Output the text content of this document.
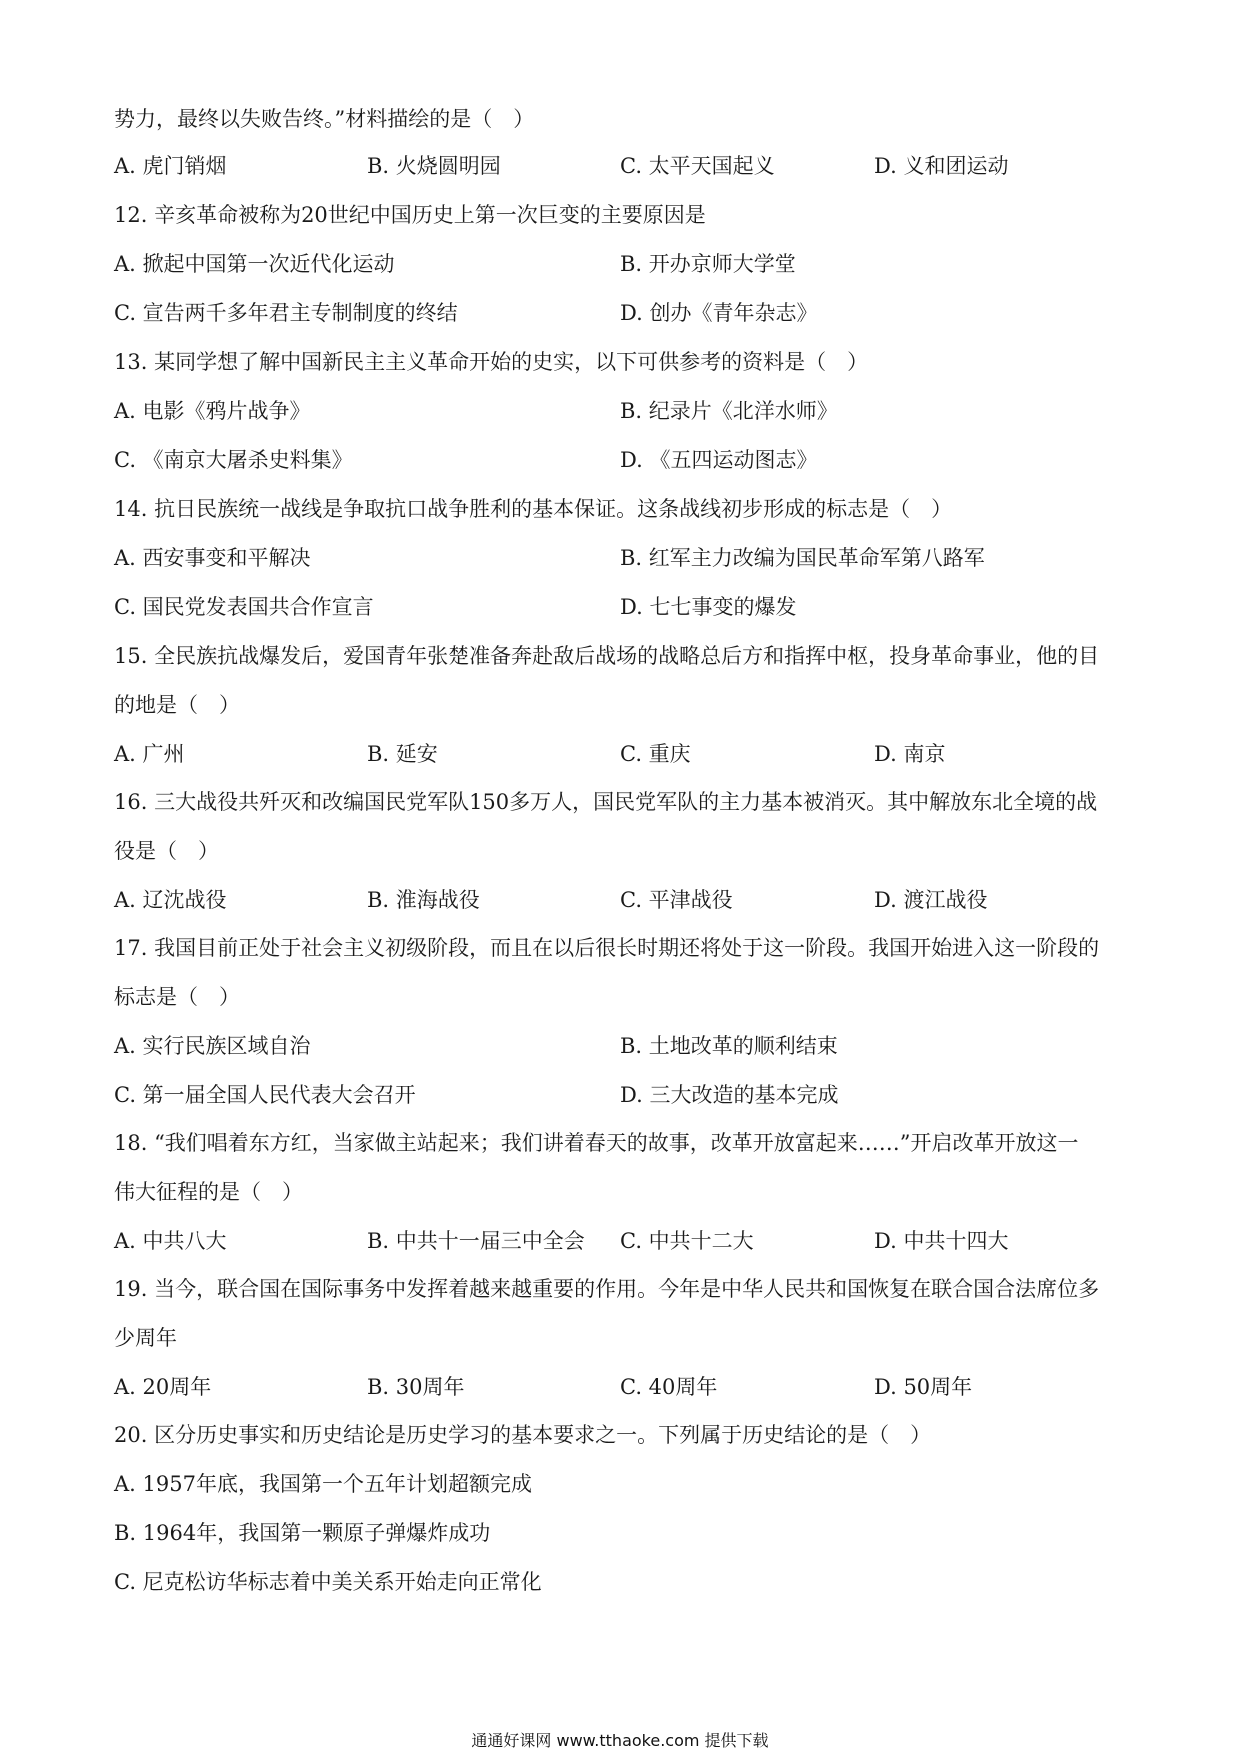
势力，最终以失败告终。”材料描绘的是（　）
A. 虎门销烟	B. 火烧圆明园	C. 太平天国起义	D. 义和团运动
12. 辛亥革命被称为20世纪中国历史上第一次巨变的主要原因是
A. 掀起中国第一次近代化运动	B. 开办京师大学堂
C. 宣告两千多年君主专制制度的终结	D. 创办《青年杂志》
13. 某同学想了解中国新民主主义革命开始的史实，以下可供参考的资料是（　）
A. 电影《鸦片战争》	B. 纪录片《北洋水师》
C. 《南京大屠杀史料集》	D. 《五四运动图志》
14. 抗日民族统一战线是争取抗口战争胜利的基本保证。这条战线初步形成的标志是（　）
A. 西安事变和平解决	B. 红军主力改编为国民革命军第八路军
C. 国民党发表国共合作宣言	D. 七七事变的爆发
15. 全民族抗战爆发后，爱国青年张楚准备奔赴敌后战场的战略总后方和指挥中枢，投身革命事业，他的目
的地是（　）
A. 广州	B. 延安	C. 重庆	D. 南京
16. 三大战役共歼灭和改编国民党军队150多万人，国民党军队的主力基本被消灭。其中解放东北全境的战
役是（　）
A. 辽沈战役	B. 淮海战役	C. 平津战役	D. 渡江战役
17. 我国目前正处于社会主义初级阶段，而且在以后很长时期还将处于这一阶段。我国开始进入这一阶段的
标志是（　）
A. 实行民族区域自治	B. 土地改革的顺利结束
C. 第一届全国人民代表大会召开	D. 三大改造的基本完成
18. “我们唱着东方红，当家做主站起来；我们讲着春天的故事，改革开放富起来……”开启改革开放这一
伟大征程的是（　）
A. 中共八大	B. 中共十一届三中全会 C. 中共十二大	D. 中共十四大
19. 当今，联合国在国际事务中发挥着越来越重要的作用。今年是中华人民共和国恢复在联合国合法席位多
少周年
A. 20周年	B. 30周年	C. 40周年	D. 50周年
20. 区分历史事实和历史结论是历史学习的基本要求之一。下列属于历史结论的是（　）
A. 1957年底，我国第一个五年计划超额完成
B. 1964年，我国第一颗原子弹爆炸成功
C. 尼克松访华标志着中美关系开始走向正常化
通通好课网 www.tthaoke.com 提供下载
